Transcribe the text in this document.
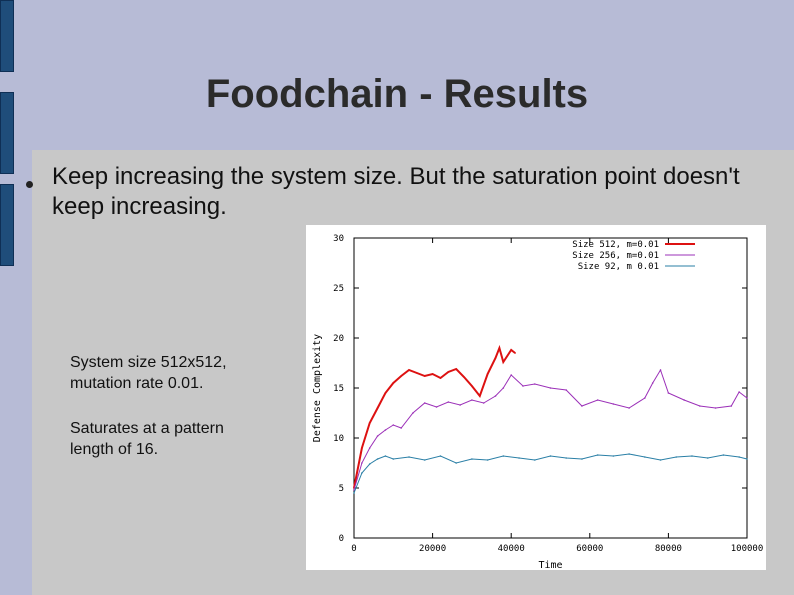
Foodchain - Results
Keep increasing the system size. But the saturation point doesn't keep increasing.
System size 512x512, mutation rate 0.01.
Saturates at a pattern length of 16.
0
5
10
15
20
25
30
0	20000	40000	60000	80000	100000
Time
Defense Complexity
Size 512, m=0.01
Size 256, m=0.01
Size 92, m 0.01
